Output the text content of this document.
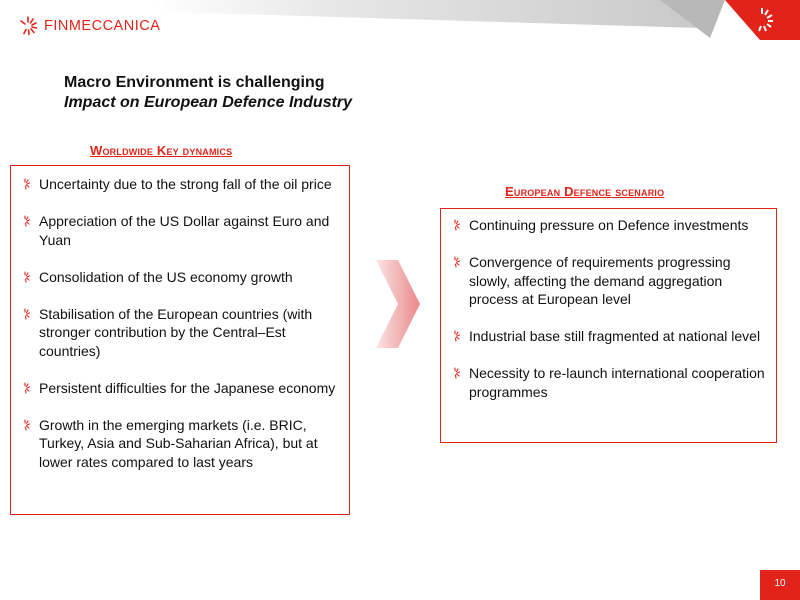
FINMECCANICA
Macro Environment is challenging
Impact on European Defence Industry
Worldwide Key dynamics
Uncertainty due to the strong fall of the oil price
Appreciation of the US Dollar against Euro and Yuan
Consolidation of the US economy growth
Stabilisation of the European countries (with stronger contribution by the Central–Est countries)
Persistent difficulties for the Japanese economy
Growth in the emerging markets (i.e. BRIC, Turkey, Asia and Sub-Saharian Africa), but at lower rates compared to last years
European Defence scenario
Continuing pressure on Defence investments
Convergence of requirements progressing slowly, affecting the demand aggregation process at European level
Industrial base still fragmented at national level
Necessity to re-launch international cooperation programmes
10
